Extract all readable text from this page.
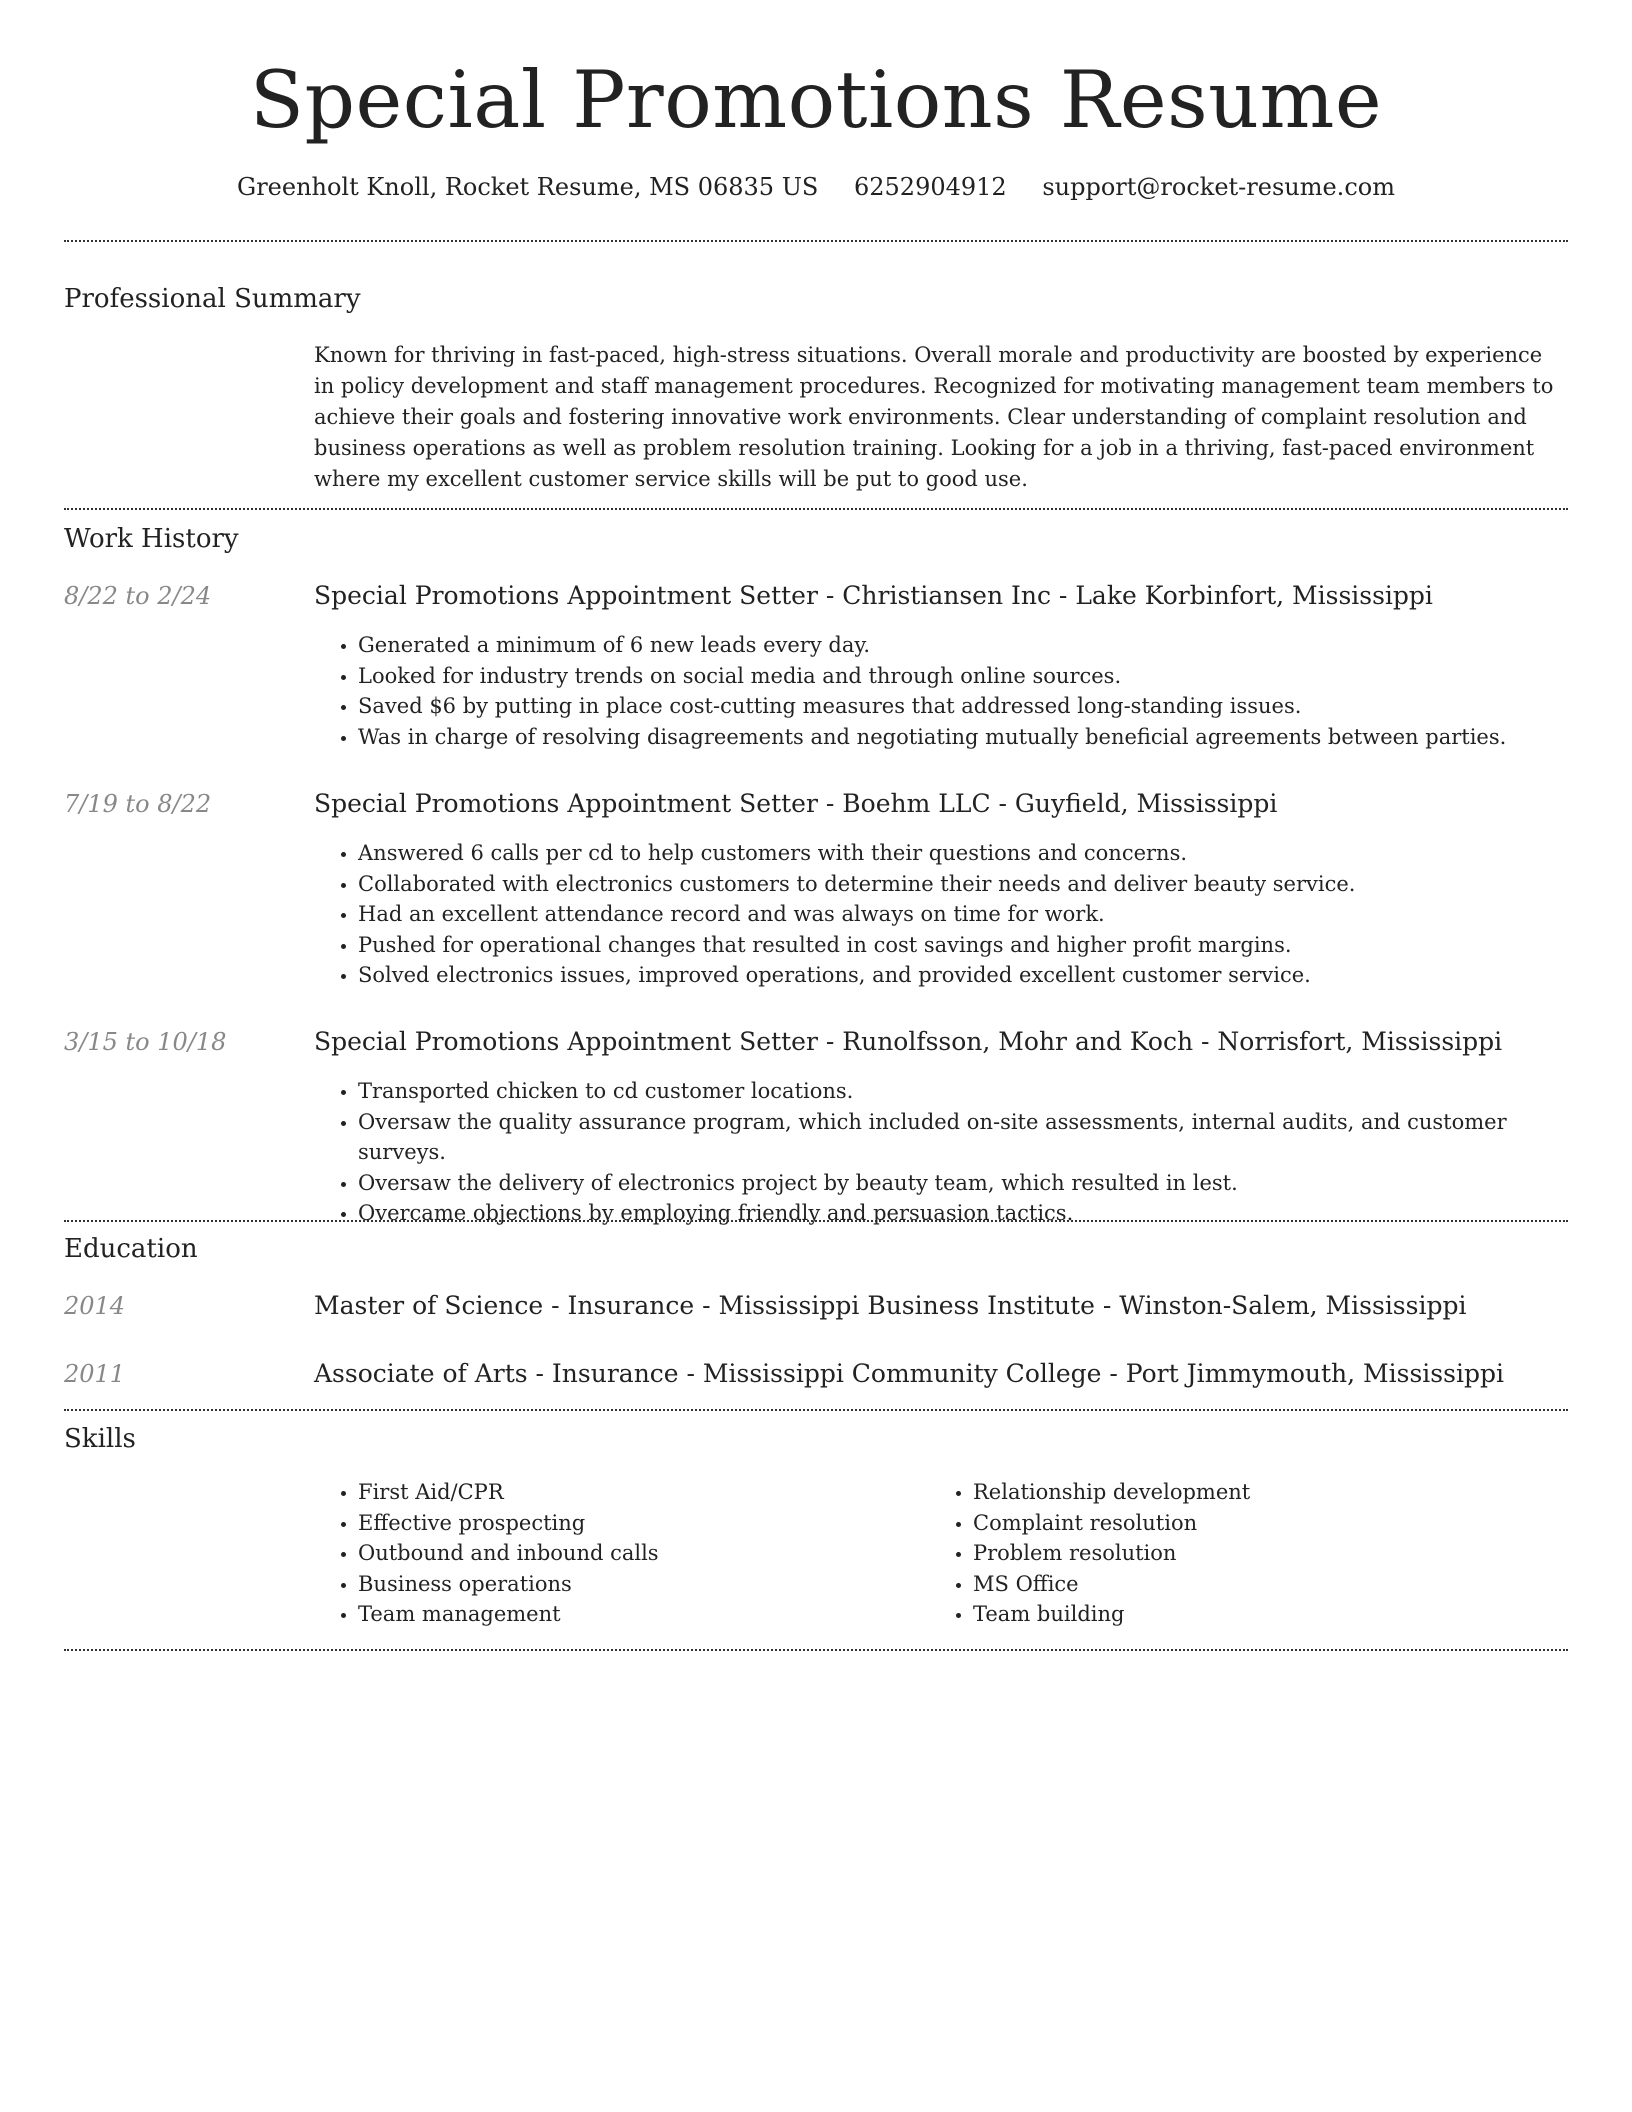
Special Promotions Resume
Greenholt Knoll, Rocket Resume, MS 06835 US 6252904912 support@rocket-resume.com
Professional Summary
Known for thriving in fast-paced, high-stress situations. Overall morale and productivity are boosted by experience in policy development and staff management procedures. Recognized for motivating management team members to achieve their goals and fostering innovative work environments. Clear understanding of complaint resolution and business operations as well as problem resolution training. Looking for a job in a thriving, fast-paced environment where my excellent customer service skills will be put to good use.
Work History
8/22 to 2/24	Special Promotions Appointment Setter - Christiansen Inc - Lake Korbinfort, Mississippi
• Generated a minimum of 6 new leads every day.
• Looked for industry trends on social media and through online sources.
• Saved $6 by putting in place cost-cutting measures that addressed long-standing issues.
• Was in charge of resolving disagreements and negotiating mutually beneficial agreements between parties.
7/19 to 8/22	Special Promotions Appointment Setter - Boehm LLC - Guyfield, Mississippi
• Answered 6 calls per cd to help customers with their questions and concerns.
• Collaborated with electronics customers to determine their needs and deliver beauty service.
• Had an excellent attendance record and was always on time for work.
• Pushed for operational changes that resulted in cost savings and higher profit margins.
• Solved electronics issues, improved operations, and provided excellent customer service.
3/15 to 10/18	Special Promotions Appointment Setter - Runolfsson, Mohr and Koch - Norrisfort, Mississippi
• Transported chicken to cd customer locations.
• Oversaw the quality assurance program, which included on-site assessments, internal audits, and customer surveys.
• Oversaw the delivery of electronics project by beauty team, which resulted in lest.
• Overcame objections by employing friendly and persuasion tactics.
Education
2014	Master of Science - Insurance - Mississippi Business Institute - Winston-Salem, Mississippi
2011	Associate of Arts - Insurance - Mississippi Community College - Port Jimmymouth, Mississippi
Skills
• First Aid/CPR
• Effective prospecting
• Outbound and inbound calls
• Business operations
• Team management
• Relationship development
• Complaint resolution
• Problem resolution
• MS Office
• Team building
